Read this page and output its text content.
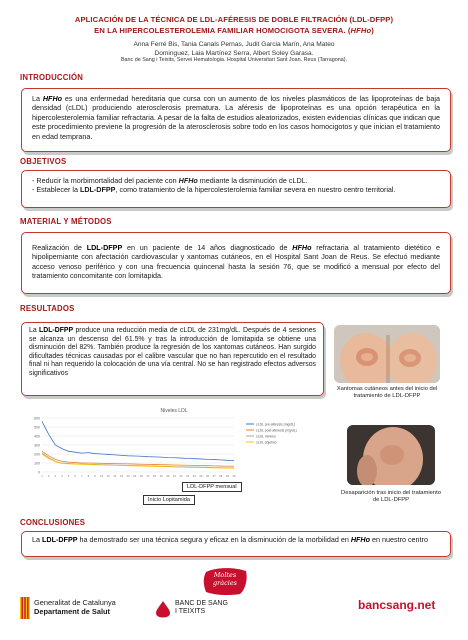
APLICACIÓN DE LA TÉCNICA DE LDL-AFÉRESIS DE DOBLE FILTRACIÓN (LDL-DFPP)
EN LA HIPERCOLESTEROLEMIA FAMILIAR HOMOCIGOTA SEVERA. (HFHo)
Anna Ferré Bis, Tania Canals Pernas, Judit Garcia Marín, Ana Mateo
Dominguez, Laia Martínez Serra, Albert Soley Garasa.
Banc de Sang i Teixits, Servei Hematologia. Hospital Universitari Sant Joan. Reus (Tarragona).
INTRODUCCIÓN
La HFHo es una enfermedad hereditaria que cursa con un aumento de los niveles plasmáticos de las lipoproteínas de baja densidad (cLDL) produciendo aterosclerosis prematura. La aféresis de lipoproteínas es una opción terapéutica en la hipercolesterolemia familiar refractaria. A pesar de la falta de estudios aleatorizados, existen evidencias clínicas que indican que este procedimiento previene la progresión de la aterosclerosis sobre todo en los casos homocigotos y que inician el tratamiento en edad temprana.
OBJETIVOS
- Reducir la morbimortalidad del paciente con HFHo mediante la disminución de cLDL.
- Establecer la LDL-DFPP, como tratamiento de la hipercolesterolemia familiar severa en nuestro centro territorial.
MATERIAL Y MÉTODOS
Realización de LDL-DFPP en un paciente de 14 años diagnosticado de HFHo refractaria al tratamiento dietético e hipolipemiante con afectación cardiovascular y xantomas cutáneos, en el Hospital Sant Joan de Reus. Se efectuó mediante acceso venoso periférico y con una frecuencia quincenal hasta la sesión 76, que se modificó a mensual por efecto del tratamiento concomitante con lomitapida.
RESULTADOS
La LDL-DFPP produce una reducción media de cLDL de 231mg/dL. Después de 4 sesiones se alcanza un descenso del 61.5% y tras la introducción de lomitapida se obtiene una disminución del 82%. También produce la regresión de los xantomas cutáneos. Han surgido dificultades técnicas causadas por el calibre vascular que no han repercutido en el resultado final ni han requerido la colocación de una vía central. No se han registrado efectos adversos significativos
Xantomas cutáneos antes del inicio del tratamiento de LDL-DFPP
Niveles LDL
0
100
200
300
400
500
600
1 2 3 4 5 6 7 8 9 10 11 12 13 14 15 16 17 18 19 20 21 22 23 24 25 26 27 28 29 30
cLDL pre-aféresis (mg/dL)
cLDL post-aféresis (mg/dL)
cLDL mínimo
cLDL objetivo
LDL-DFPP mensual
Inicio Lopitamida
Desaparición tras inicio del tratamiento de LDL-DFPP
CONCLUSIONES
La LDL-DFPP ha demostrado ser una técnica segura y eficaz en la disminución de la morbilidad en HFHo en nuestro centro
Generalitat de Catalunya
Departament de Salut
Moltes
gràcies
BANC DE SANG
I TEIXITS	bancsang.net
